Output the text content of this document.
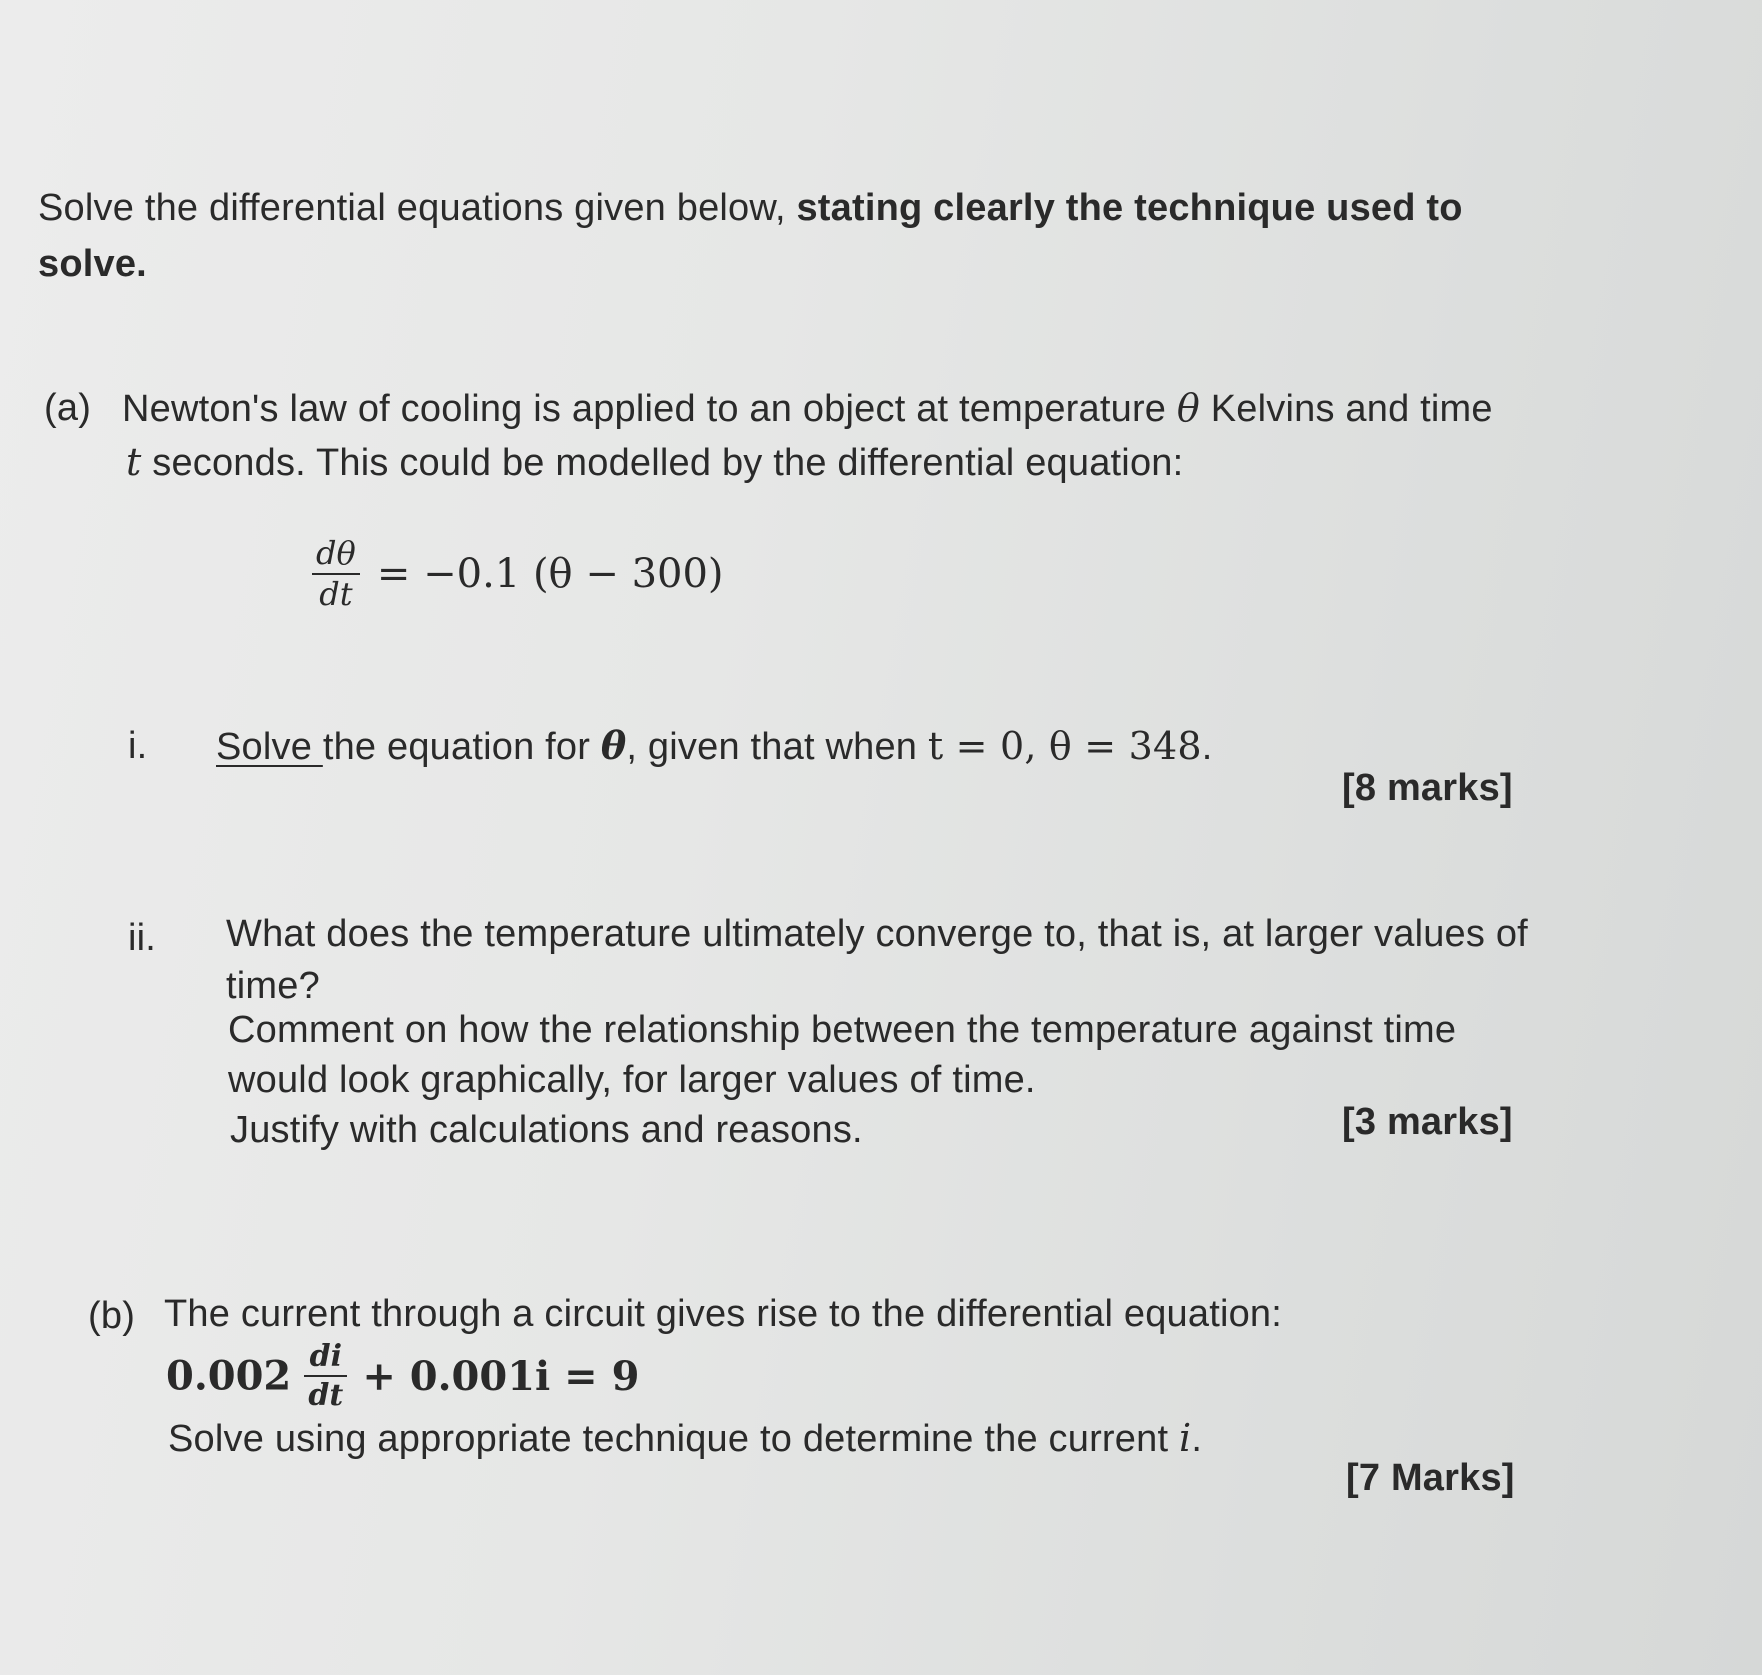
Solve the differential equations given below, stating clearly the technique used to
solve.
(a) Newton's law of cooling is applied to an object at temperature θ Kelvins and time
t seconds. This could be modelled by the differential equation:
$\frac{d\theta}{dt} = -0.1$ (θ − 300)
i. Solve the equation for θ, given that when t = 0, θ = 348.
[8 marks]
ii. What does the temperature ultimately converge to, that is, at larger values of
time?
Comment on how the relationship between the temperature against time
would look graphically, for larger values of time.
Justify with calculations and reasons.	[3 marks]
(b) The current through a circuit gives rise to the differential equation:
$0.002 \frac{di}{dt} + 0.001i = 9$
Solve using appropriate technique to determine the current i.
[7 Marks]
